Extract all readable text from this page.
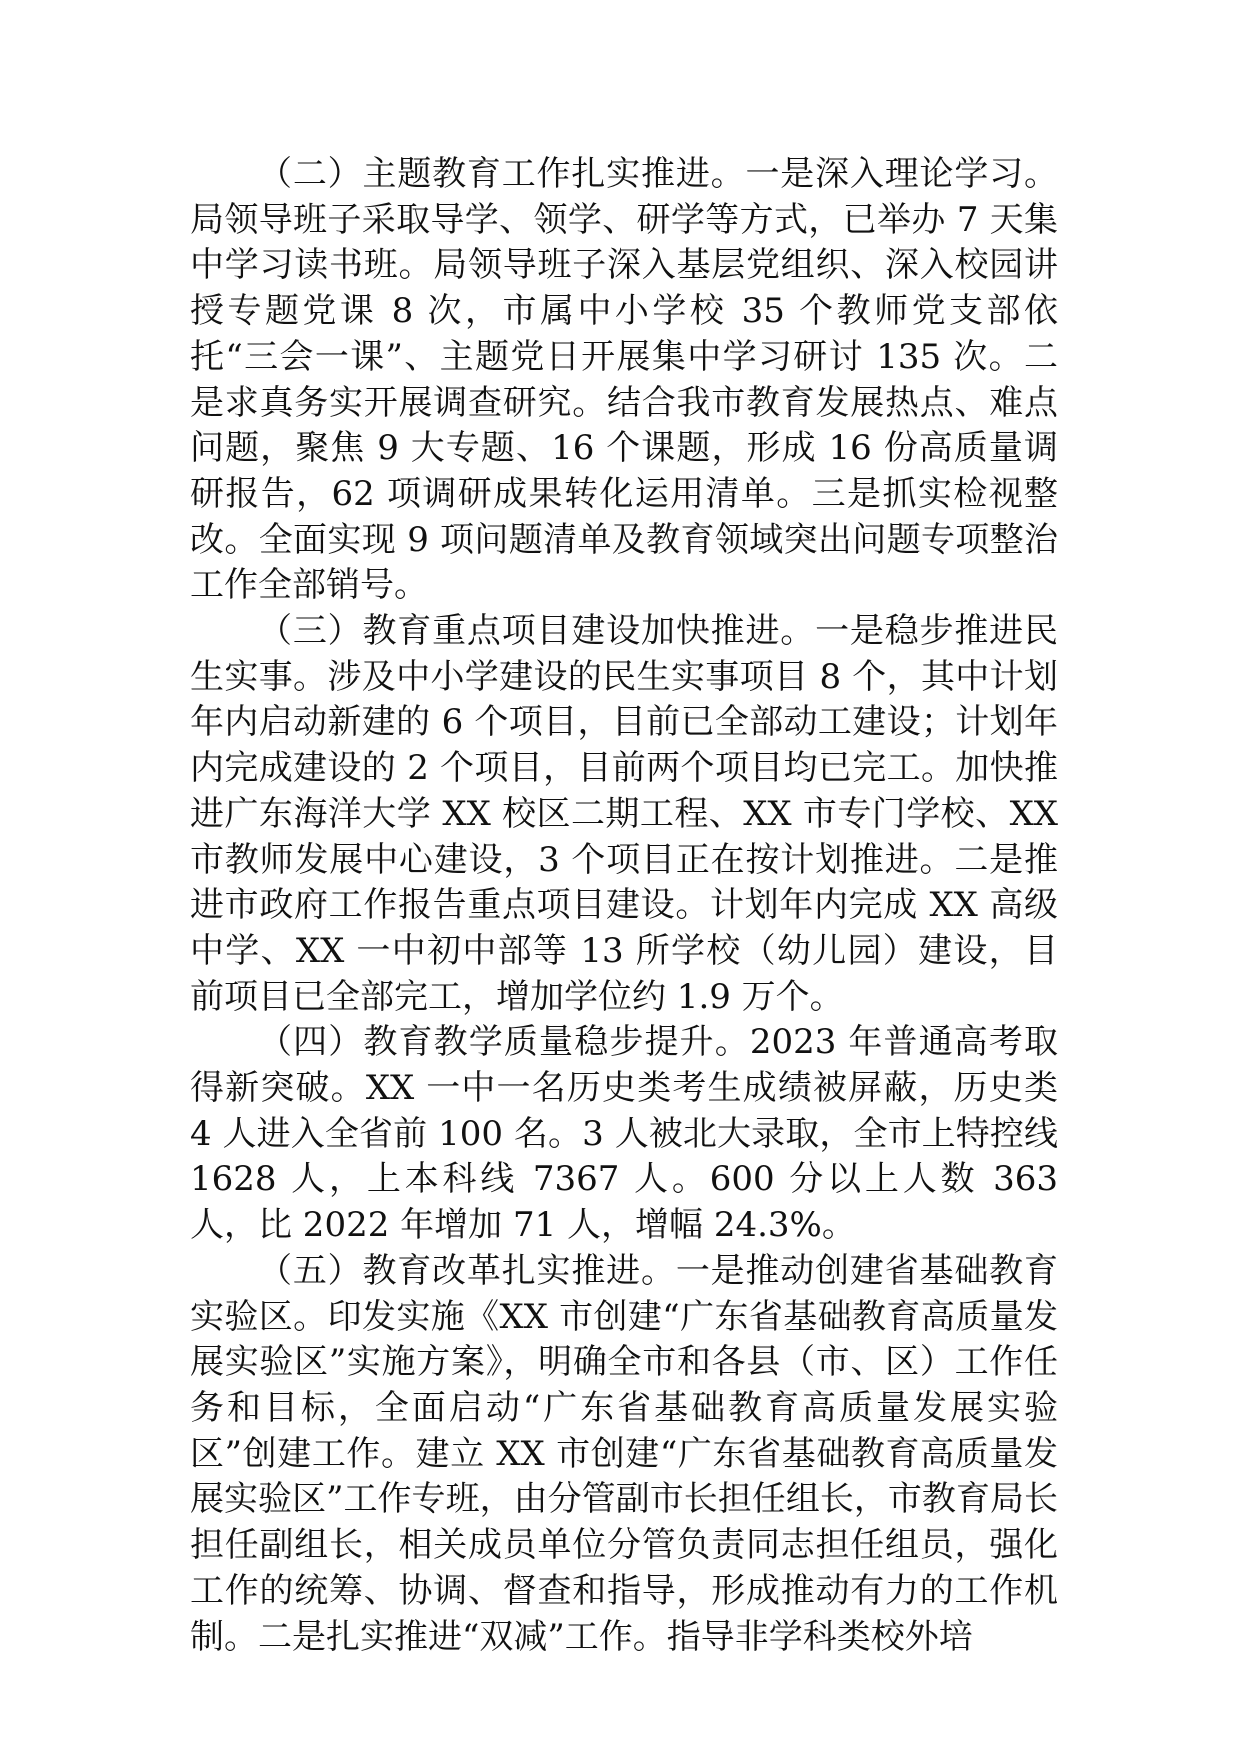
（二）主题教育工作扎实推进。一是深入理论学习。局领导班子采取导学、领学、研学等方式，已举办 7 天集中学习读书班。局领导班子深入基层党组织、深入校园讲授专题党课 8 次，市属中小学校 35 个教师党支部依托“三会一课”、主题党日开展集中学习研讨 135 次。二是求真务实开展调查研究。结合我市教育发展热点、难点问题，聚焦 9 大专题、16 个课题，形成 16 份高质量调研报告，62 项调研成果转化运用清单。三是抓实检视整改。全面实现 9 项问题清单及教育领域突出问题专项整治工作全部销号。

（三）教育重点项目建设加快推进。一是稳步推进民生实事。涉及中小学建设的民生实事项目 8 个，其中计划年内启动新建的 6 个项目，目前已全部动工建设；计划年内完成建设的 2 个项目，目前两个项目均已完工。加快推进广东海洋大学 XX 校区二期工程、XX 市专门学校、XX 市教师发展中心建设，3 个项目正在按计划推进。二是推进市政府工作报告重点项目建设。计划年内完成 XX 高级中学、XX 一中初中部等 13 所学校（幼儿园）建设，目前项目已全部完工，增加学位约 1.9 万个。

（四）教育教学质量稳步提升。2023 年普通高考取得新突破。XX 一中一名历史类考生成绩被屏蔽，历史类 4 人进入全省前 100 名。3 人被北大录取，全市上特控线 1628 人，上本科线 7367 人。600 分以上人数 363 人，比 2022 年增加 71 人，增幅 24.3%。

（五）教育改革扎实推进。一是推动创建省基础教育实验区。印发实施《XX 市创建“广东省基础教育高质量发展实验区”实施方案》，明确全市和各县（市、区）工作任务和目标，全面启动“广东省基础教育高质量发展实验区”创建工作。建立 XX 市创建“广东省基础教育高质量发展实验区”工作专班，由分管副市长担任组长，市教育局长担任副组长，相关成员单位分管负责同志担任组员，强化工作的统筹、协调、督查和指导，形成推动有力的工作机制。二是扎实推进“双减”工作。指导非学科类校外培
